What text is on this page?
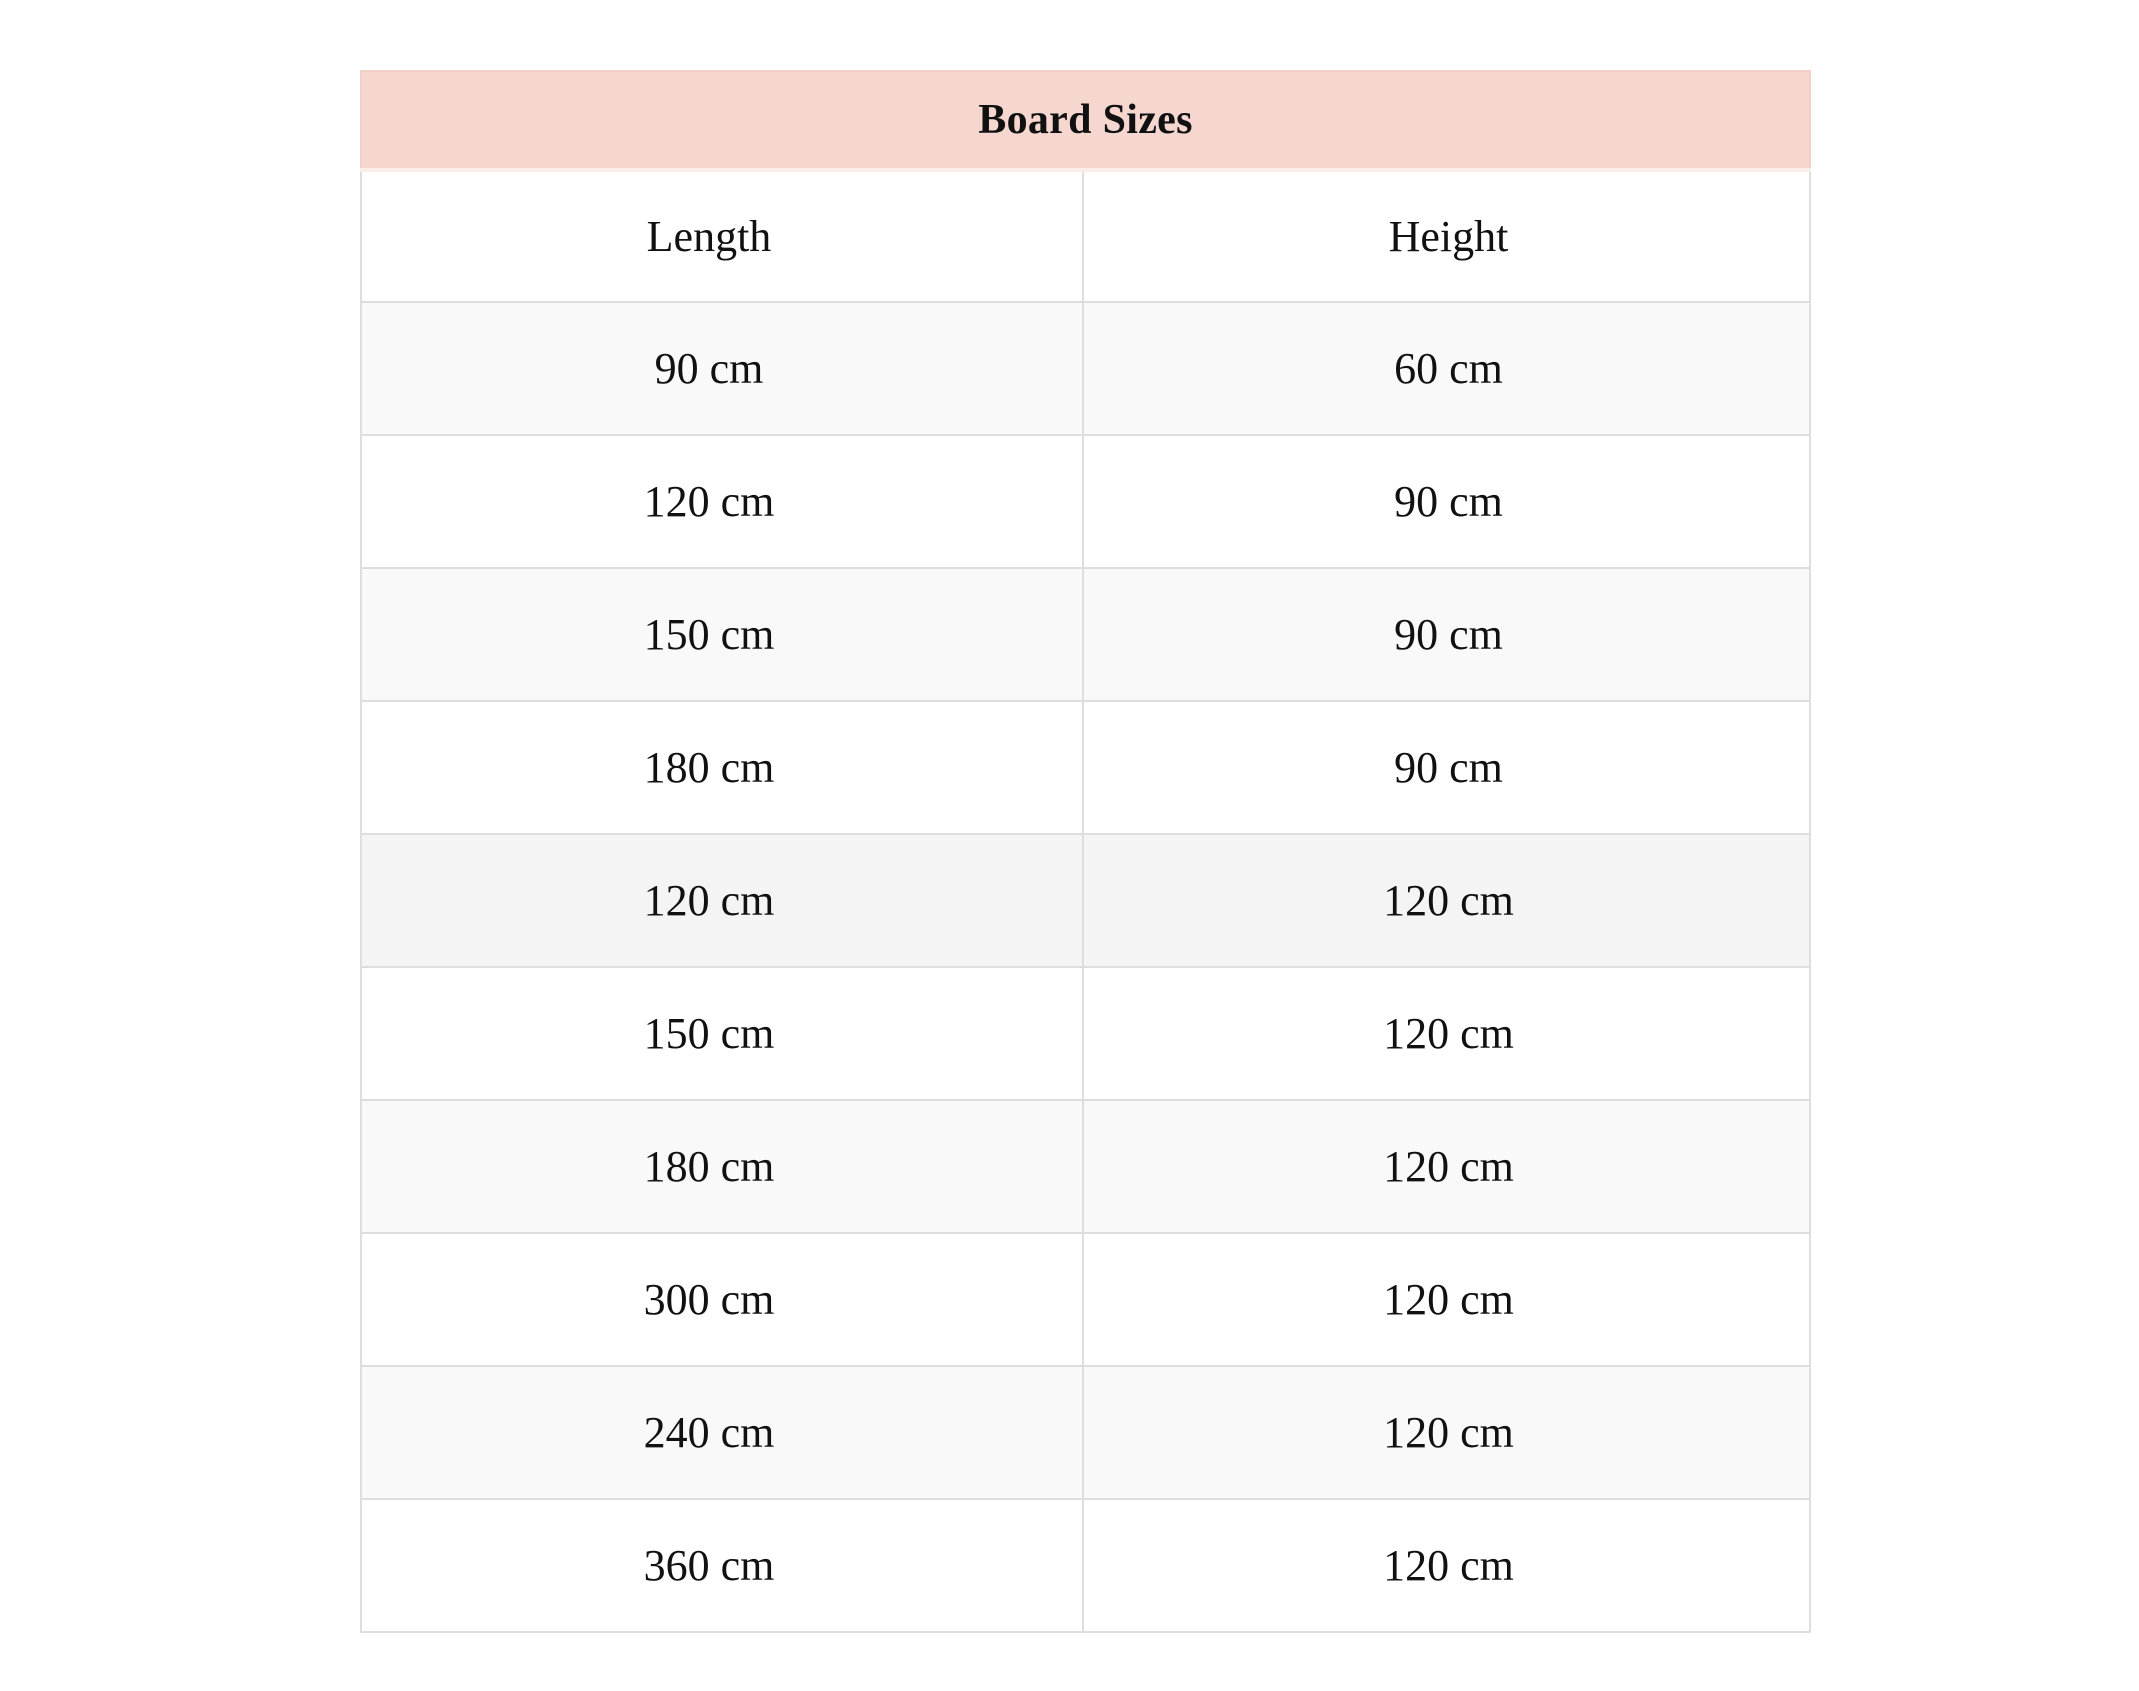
Board Sizes	
Length	Height
90 cm	60 cm
120 cm	90 cm
150 cm	90 cm
180 cm	90 cm
120 cm	120 cm
150 cm	120 cm
180 cm	120 cm
300 cm	120 cm
240 cm	120 cm
360 cm	120 cm
